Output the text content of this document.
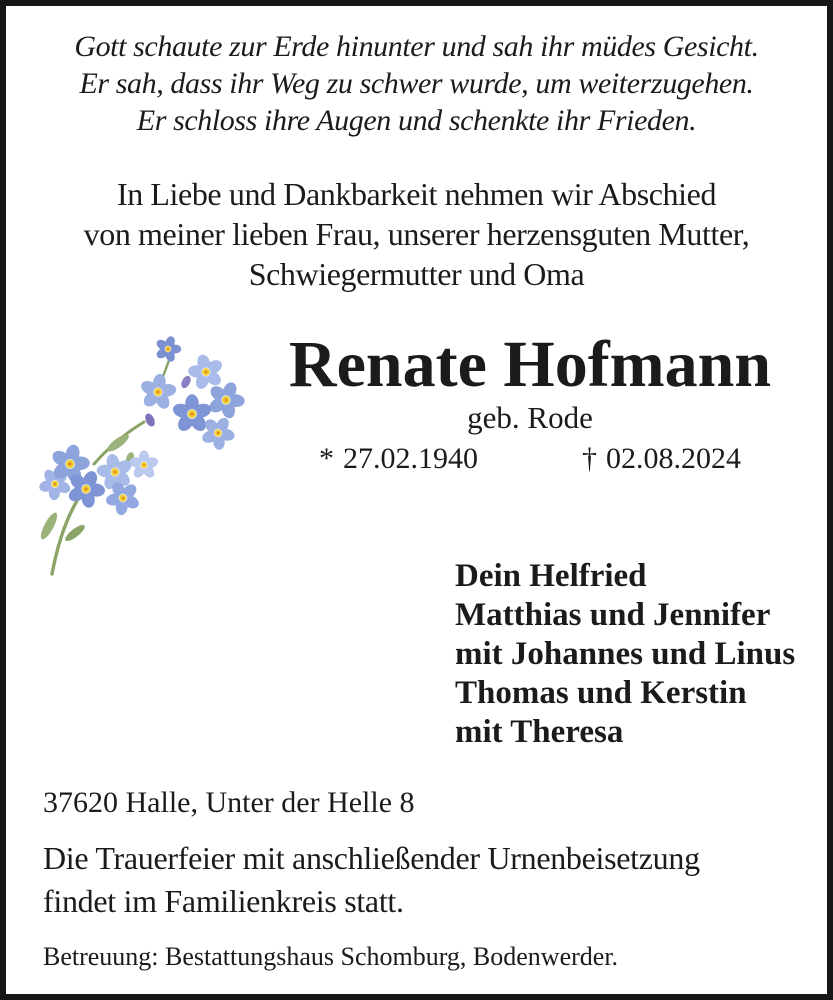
Gott schaute zur Erde hinunter und sah ihr müdes Gesicht.
Er sah, dass ihr Weg zu schwer wurde, um weiterzugehen.
Er schloss ihre Augen und schenkte ihr Frieden.
In Liebe und Dankbarkeit nehmen wir Abschied
von meiner lieben Frau, unserer herzensguten Mutter,
Schwiegermutter und Oma
Renate Hofmann
geb. Rode
* 27.02.1940	† 02.08.2024
Dein Helfried
Matthias und Jennifer
mit Johannes und Linus
Thomas und Kerstin
mit Theresa
37620 Halle, Unter der Helle 8
Die Trauerfeier mit anschließender Urnenbeisetzung
findet im Familienkreis statt.
Betreuung: Bestattungshaus Schomburg, Bodenwerder.
